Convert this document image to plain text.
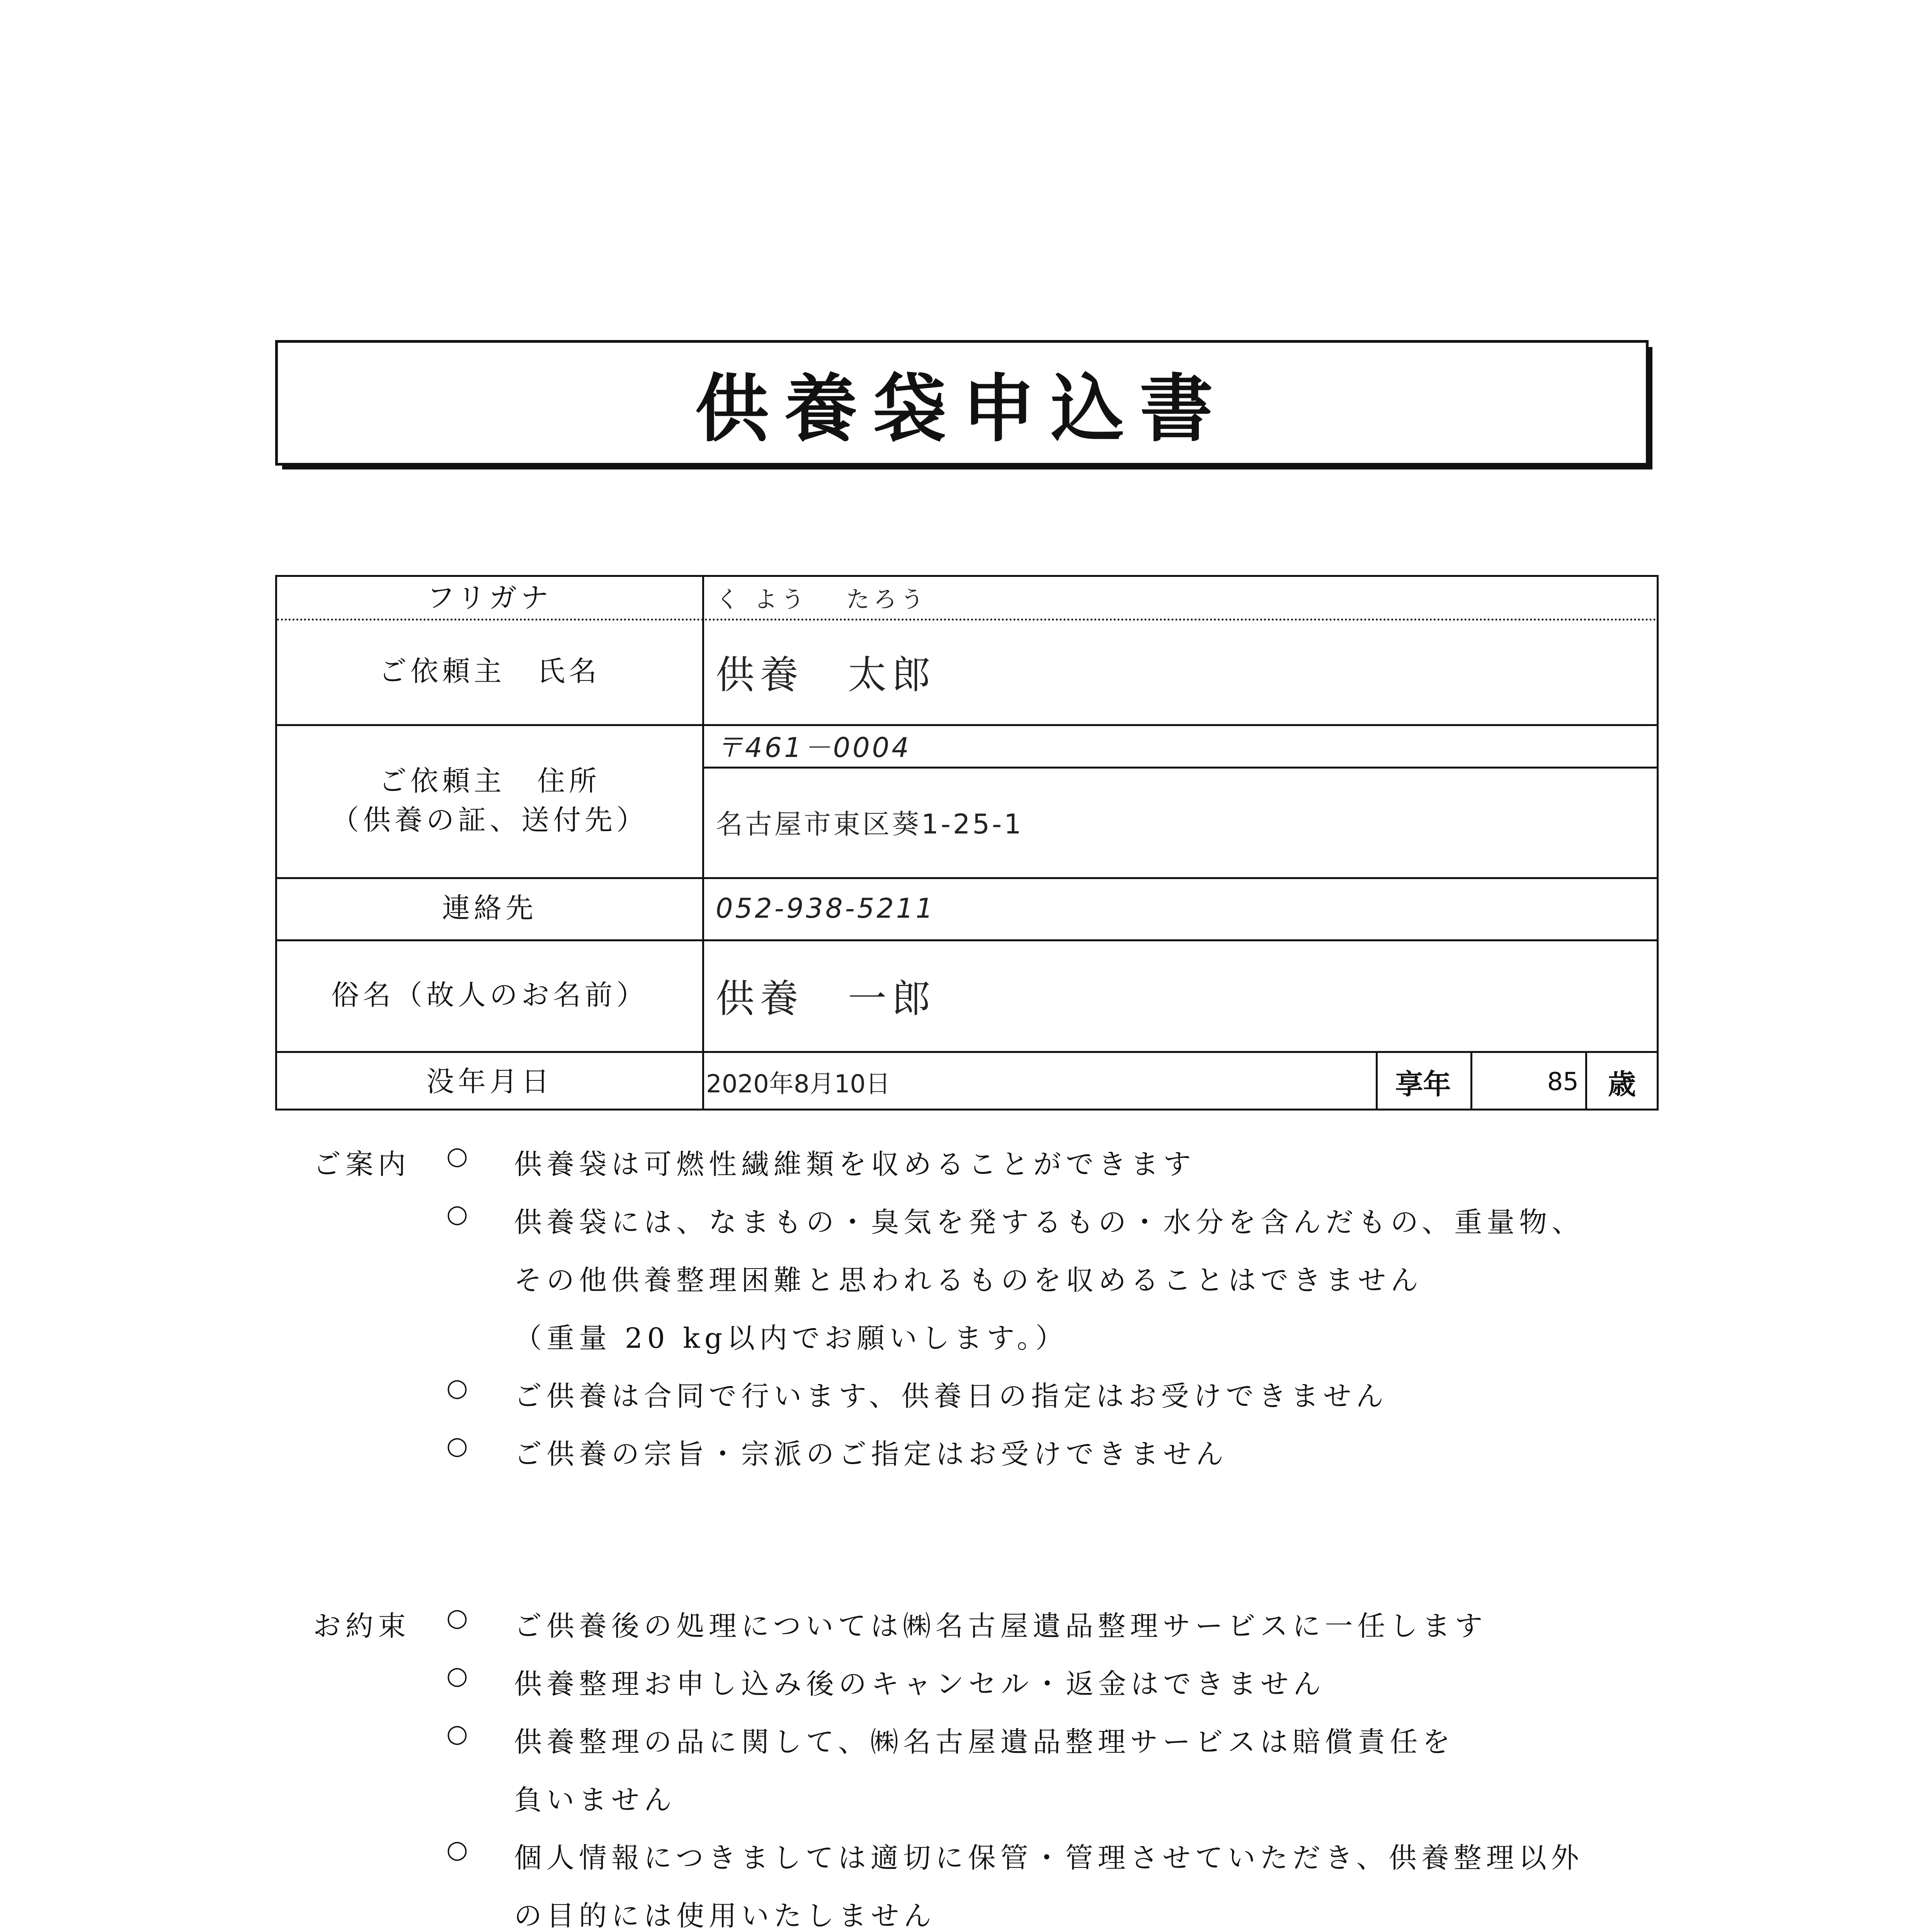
供養袋申込書
フリガナ	く よう　 たろう
ご依頼主　氏名	供養　太郎
ご依頼主　住所
（供養の証、送付先）
〒461－0004
名古屋市東区葵1-25-1
連絡先	052-938-5211
俗名（故人のお名前）	供養　一郎
没年月日	2020年8月10日	享年	85	歳
ご案内 ○ 供養袋は可燃性繊維類を収めることができます
○ 供養袋には、なまもの・臭気を発するもの・水分を含んだもの、重量物、
その他供養整理困難と思われるものを収めることはできません
（重量 20 kg以内でお願いします。）
○ ご供養は合同で行います、供養日の指定はお受けできません
○ ご供養の宗旨・宗派のご指定はお受けできません
お約束 ○ ご供養後の処理については㈱名古屋遺品整理サービスに一任します
○ 供養整理お申し込み後のキャンセル・返金はできません
○ 供養整理の品に関して、㈱名古屋遺品整理サービスは賠償責任を
負いません
○ 個人情報につきましては適切に保管・管理させていただき、供養整理以外
の目的には使用いたしません
